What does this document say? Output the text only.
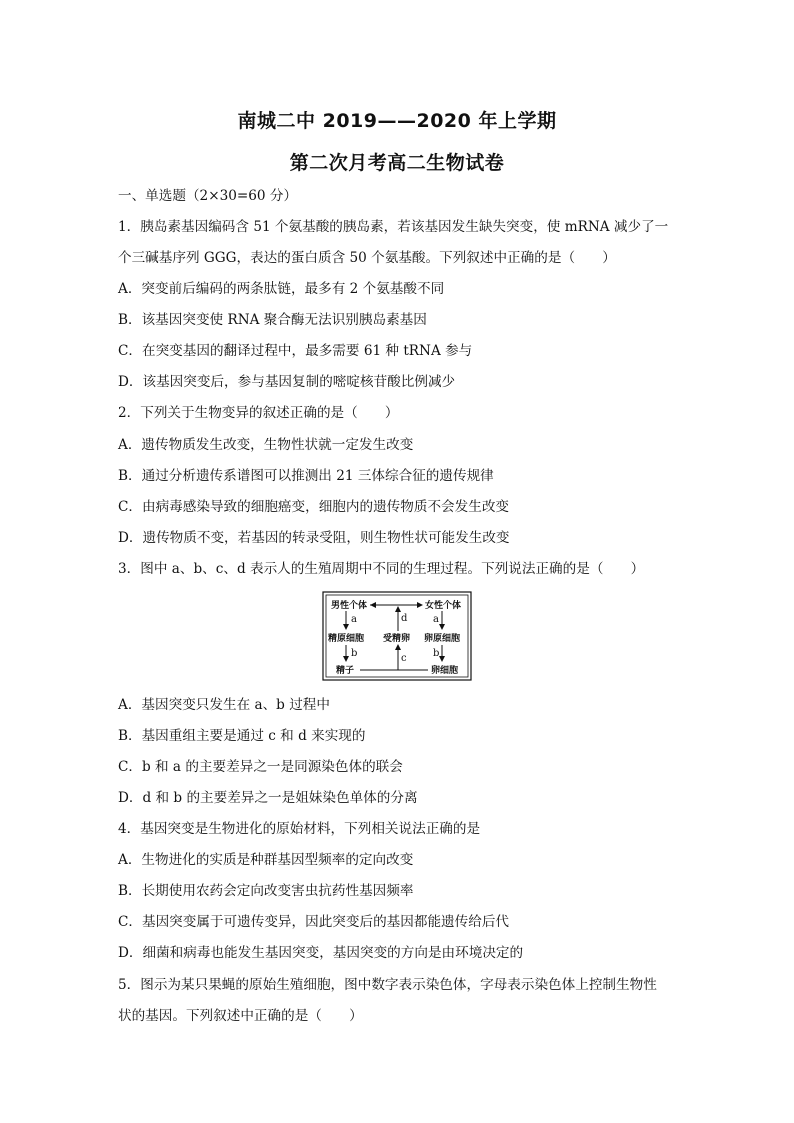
南城二中 2019——2020 年上学期
第二次月考高二生物试卷
一、单选题（2×30=60 分）
1．胰岛素基因编码含 51 个氨基酸的胰岛素，若该基因发生缺失突变，使 mRNA 减少了一
个三碱基序列 GGG，表达的蛋白质含 50 个氨基酸。下列叙述中正确的是（　　）
A．突变前后编码的两条肽链，最多有 2 个氨基酸不同
B．该基因突变使 RNA 聚合酶无法识别胰岛素基因
C．在突变基因的翻译过程中，最多需要 61 种 tRNA 参与
D．该基因突变后，参与基因复制的嘧啶核苷酸比例减少
2．下列关于生物变异的叙述正确的是（　　）
A．遗传物质发生改变，生物性状就一定发生改变
B．通过分析遗传系谱图可以推测出 21 三体综合征的遗传规律
C．由病毒感染导致的细胞癌变，细胞内的遗传物质不会发生改变
D．遗传物质不变，若基因的转录受阻，则生物性状可能发生改变
3．图中 a、b、c、d 表示人的生殖周期中不同的生理过程。下列说法正确的是（　　）
男性个体	女性个体
a	a
d
精原细胞 受精卵 卵原细胞
b	b
精子	卵细胞
c
A．基因突变只发生在 a、b 过程中
B．基因重组主要是通过 c 和 d 来实现的
C．b 和 a 的主要差异之一是同源染色体的联会
D．d 和 b 的主要差异之一是姐妹染色单体的分离
4．基因突变是生物进化的原始材料，下列相关说法正确的是
A．生物进化的实质是种群基因型频率的定向改变
B．长期使用农药会定向改变害虫抗药性基因频率
C．基因突变属于可遗传变异，因此突变后的基因都能遗传给后代
D．细菌和病毒也能发生基因突变，基因突变的方向是由环境决定的
5．图示为某只果蝇的原始生殖细胞，图中数字表示染色体，字母表示染色体上控制生物性
状的基因。下列叙述中正确的是（　　）
